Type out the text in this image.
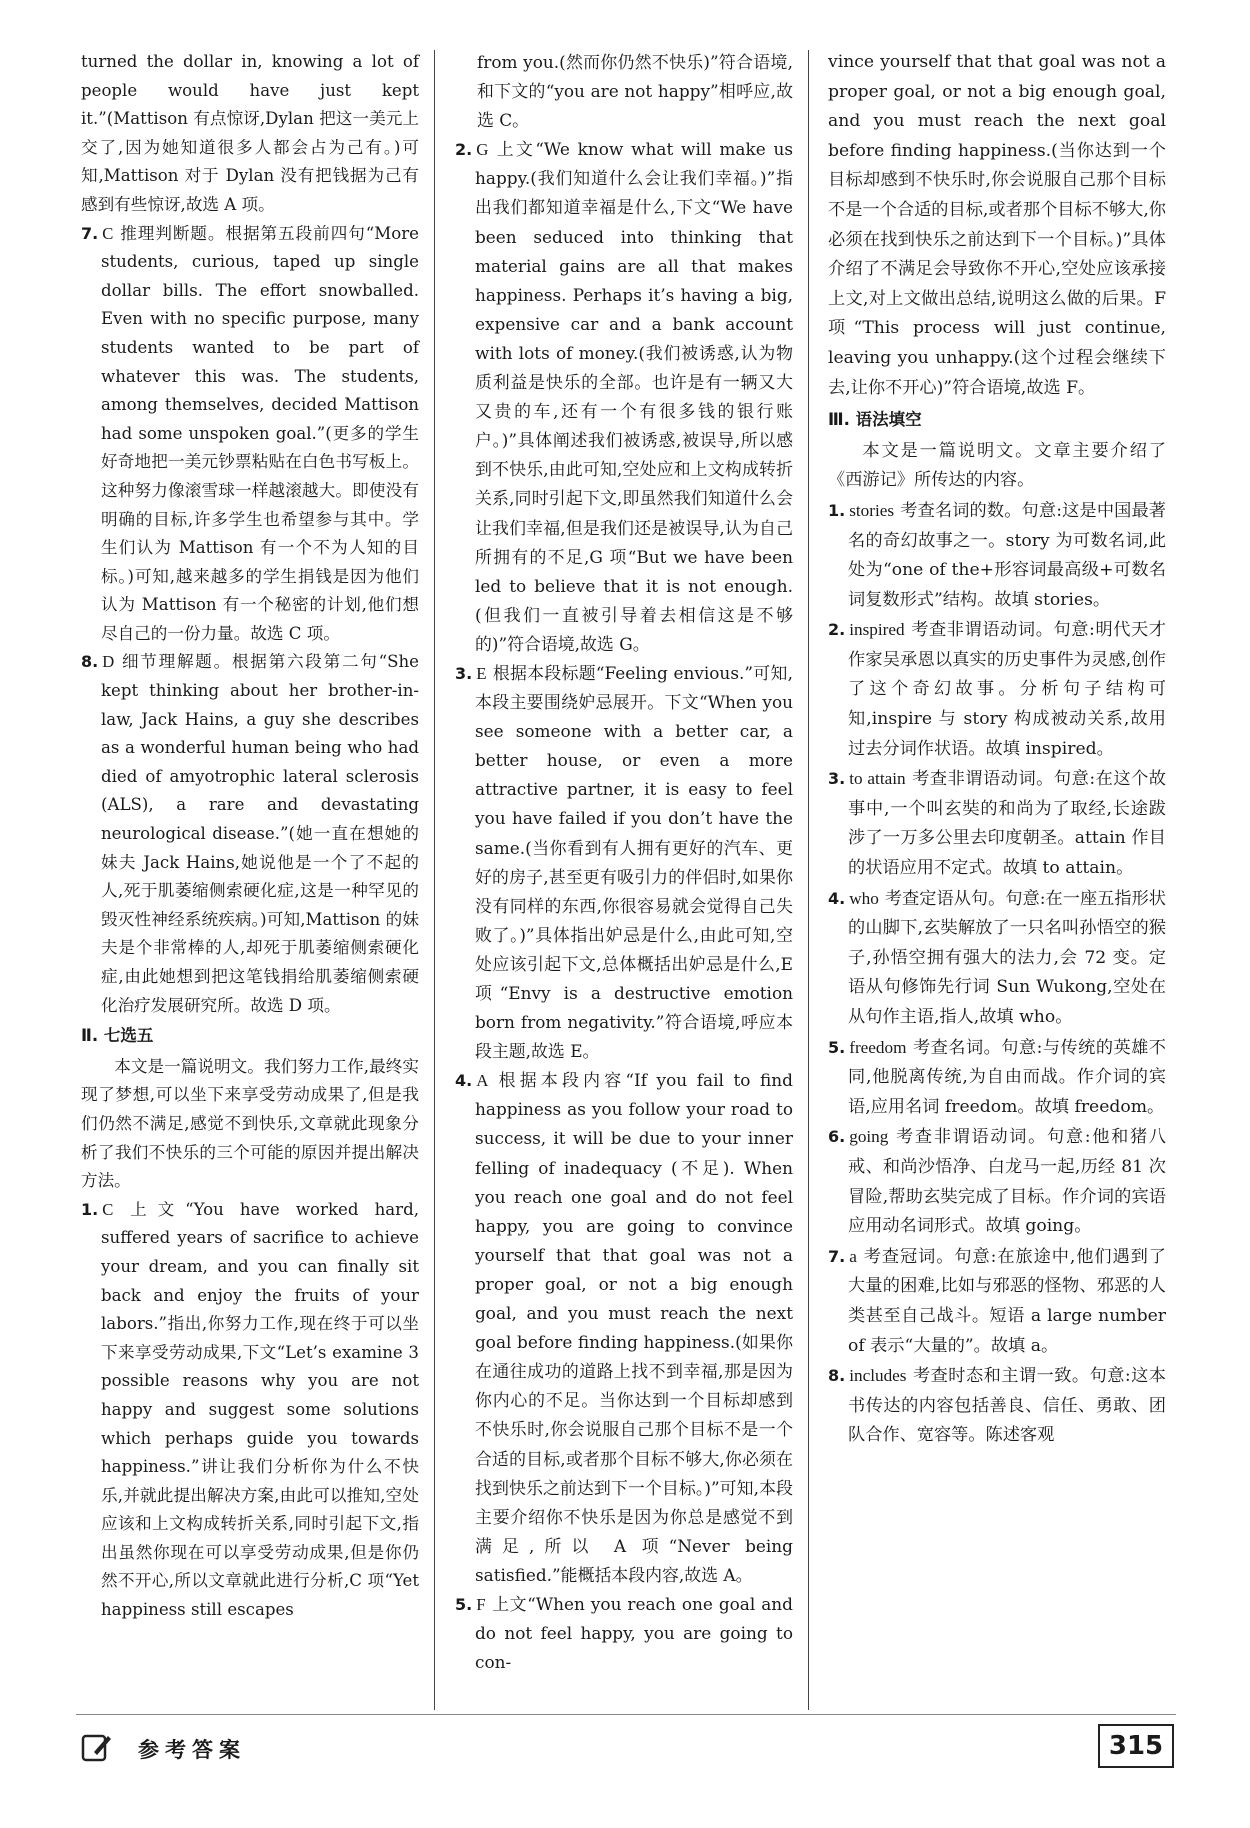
turned the dollar in, knowing a lot of people would have just kept it.”(Mattison 有点惊讶,Dylan 把这一美元上交了,因为她知道很多人都会占为己有。)可知,Mattison 对于 Dylan 没有把钱据为己有感到有些惊讶,故选 A 项。

7. C 推理判断题。根据第五段前四句“More students, curious, taped up single dollar bills. The effort snowballed. Even with no specific purpose, many students wanted to be part of whatever this was. The students, among themselves, decided Mattison had some unspoken goal.”(更多的学生好奇地把一美元钞票粘贴在白色书写板上。这种努力像滚雪球一样越滚越大。即使没有明确的目标,许多学生也希望参与其中。学生们认为 Mattison 有一个不为人知的目标。)可知,越来越多的学生捐钱是因为他们认为 Mattison 有一个秘密的计划,他们想尽自己的一份力量。故选 C 项。

8. D 细节理解题。根据第六段第二句“She kept thinking about her brother-in-law, Jack Hains, a guy she describes as a wonderful human being who had died of amyotrophic lateral sclerosis (ALS), a rare and devastating neurological disease.”(她一直在想她的妹夫 Jack Hains,她说他是一个了不起的人,死于肌萎缩侧索硬化症,这是一种罕见的毁灭性神经系统疾病。)可知,Mattison 的妹夫是个非常棒的人,却死于肌萎缩侧索硬化症,由此她想到把这笔钱捐给肌萎缩侧索硬化治疗发展研究所。故选 D 项。

Ⅱ. 七选五

本文是一篇说明文。我们努力工作,最终实现了梦想,可以坐下来享受劳动成果了,但是我们仍然不满足,感觉不到快乐,文章就此现象分析了我们不快乐的三个可能的原因并提出解决方法。

1. C 上文“You have worked hard, suffered years of sacrifice to achieve your dream, and you can finally sit back and enjoy the fruits of your labors.”指出,你努力工作,现在终于可以坐下来享受劳动成果,下文“Let’s examine 3 possible reasons why you are not happy and suggest some solutions which perhaps guide you towards happiness.”讲让我们分析你为什么不快乐,并就此提出解决方案,由此可以推知,空处应该和上文构成转折关系,同时引起下文,指出虽然你现在可以享受劳动成果,但是你仍然不开心,所以文章就此进行分析,C 项“Yet happiness still escapes

from you.(然而你仍然不快乐)”符合语境,和下文的“you are not happy”相呼应,故选 C。

2. G 上文“We know what will make us happy.(我们知道什么会让我们幸福。)”指出我们都知道幸福是什么,下文“We have been seduced into thinking that material gains are all that makes happiness. Perhaps it’s having a big, expensive car and a bank account with lots of money.(我们被诱惑,认为物质利益是快乐的全部。也许是有一辆又大又贵的车,还有一个有很多钱的银行账户。)”具体阐述我们被诱惑,被误导,所以感到不快乐,由此可知,空处应和上文构成转折关系,同时引起下文,即虽然我们知道什么会让我们幸福,但是我们还是被误导,认为自己所拥有的不足,G 项“But we have been led to believe that it is not enough.(但我们一直被引导着去相信这是不够的)”符合语境,故选 G。

3. E 根据本段标题“Feeling envious.”可知,本段主要围绕妒忌展开。下文“When you see someone with a better car, a better house, or even a more attractive partner, it is easy to feel you have failed if you don’t have the same.(当你看到有人拥有更好的汽车、更好的房子,甚至更有吸引力的伴侣时,如果你没有同样的东西,你很容易就会觉得自己失败了。)”具体指出妒忌是什么,由此可知,空处应该引起下文,总体概括出妒忌是什么,E 项“Envy is a destructive emotion born from negativity.”符合语境,呼应本段主题,故选 E。

4. A 根据本段内容“If you fail to find happiness as you follow your road to success, it will be due to your inner felling of inadequacy (不足). When you reach one goal and do not feel happy, you are going to convince yourself that that goal was not a proper goal, or not a big enough goal, and you must reach the next goal before finding happiness.(如果你在通往成功的道路上找不到幸福,那是因为你内心的不足。当你达到一个目标却感到不快乐时,你会说服自己那个目标不是一个合适的目标,或者那个目标不够大,你必须在找到快乐之前达到下一个目标。)”可知,本段主要介绍你不快乐是因为你总是感觉不到满足,所以 A 项“Never being satisfied.”能概括本段内容,故选 A。

5. F 上文“When you reach one goal and do not feel happy, you are going to con-

vince yourself that that goal was not a proper goal, or not a big enough goal, and you must reach the next goal before finding happiness.(当你达到一个目标却感到不快乐时,你会说服自己那个目标不是一个合适的目标,或者那个目标不够大,你必须在找到快乐之前达到下一个目标。)”具体介绍了不满足会导致你不开心,空处应该承接上文,对上文做出总结,说明这么做的后果。F 项“This process will just continue, leaving you unhappy.(这个过程会继续下去,让你不开心)”符合语境,故选 F。

Ⅲ. 语法填空

本文是一篇说明文。文章主要介绍了《西游记》所传达的内容。

1. stories 考查名词的数。句意:这是中国最著名的奇幻故事之一。story 为可数名词,此处为“one of the+形容词最高级+可数名词复数形式”结构。故填 stories。

2. inspired 考查非谓语动词。句意:明代天才作家吴承恩以真实的历史事件为灵感,创作了这个奇幻故事。分析句子结构可知,inspire 与 story 构成被动关系,故用过去分词作状语。故填 inspired。

3. to attain 考查非谓语动词。句意:在这个故事中,一个叫玄奘的和尚为了取经,长途跋涉了一万多公里去印度朝圣。attain 作目的状语应用不定式。故填 to attain。

4. who 考查定语从句。句意:在一座五指形状的山脚下,玄奘解放了一只名叫孙悟空的猴子,孙悟空拥有强大的法力,会 72 变。定语从句修饰先行词 Sun Wukong,空处在从句作主语,指人,故填 who。

5. freedom 考查名词。句意:与传统的英雄不同,他脱离传统,为自由而战。作介词的宾语,应用名词 freedom。故填 freedom。

6. going 考查非谓语动词。句意:他和猪八戒、和尚沙悟净、白龙马一起,历经 81 次冒险,帮助玄奘完成了目标。作介词的宾语应用动名词形式。故填 going。

7. a 考查冠词。句意:在旅途中,他们遇到了大量的困难,比如与邪恶的怪物、邪恶的人类甚至自己战斗。短语 a large number of 表示“大量的”。故填 a。

8. includes 考查时态和主谓一致。句意:这本书传达的内容包括善良、信任、勇敢、团队合作、宽容等。陈述客观

参考答案	315
